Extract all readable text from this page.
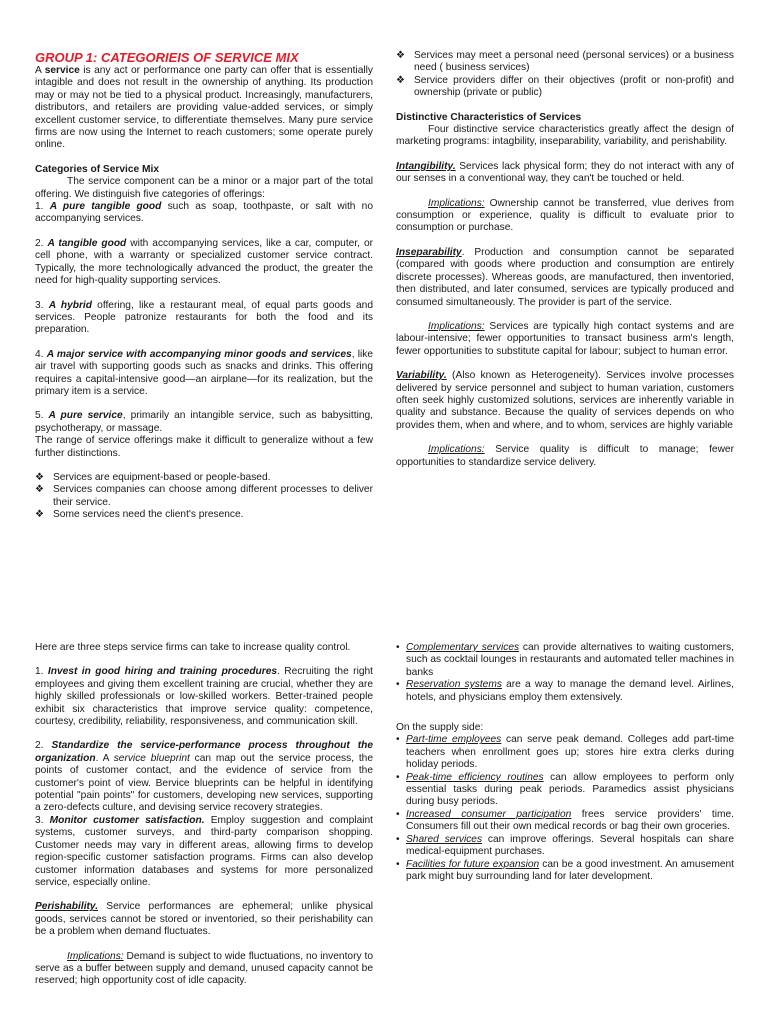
GROUP 1: CATEGORIEIS OF SERVICE MIX

A service is any act or performance one party can offer that is essentially intagible and does not result in the ownership of anything. Its production may or may not be tied to a physical product. Increasingly, manufacturers, distributors, and retailers are providing value-added services, or simply excellent customer service, to differentiate themselves. Many pure service firms are now using the Internet to reach customers; some operate purely online.

Categories of Service Mix

The service component can be a minor or a major part of the total offering. We distinguish five categories of offerings:

1. A pure tangible good such as soap, toothpaste, or salt with no accompanying services.

2. A tangible good with accompanying services, like a car, computer, or cell phone, with a warranty or specialized customer service contract. Typically, the more technologically advanced the product, the greater the need for high-quality supporting services.

3. A hybrid offering, like a restaurant meal, of equal parts goods and services. People patronize restaurants for both the food and its preparation.

4. A major service with accompanying minor goods and services, like air travel with supporting goods such as snacks and drinks. This offering requires a capital-intensive good—an airplane—for its realization, but the primary item is a service.

5. A pure service, primarily an intangible service, such as babysitting, psychotherapy, or massage.

The range of service offerings make it difficult to generalize without a few further distinctions.

❖ Services are equipment-based or people-based.
❖ Services companies can choose among different processes to deliver their service.
❖ Some services need the client's presence.
❖ Services may meet a personal need (personal services) or a business need ( business services)
❖ Service providers differ on their objectives (profit or non-profit) and ownership (private or public)

Distinctive Characteristics of Services

Four distinctive service characteristics greatly affect the design of marketing programs: intagbility, inseparability, variability, and perishability.

Intangibility. Services lack physical form; they do not interact with any of our senses in a conventional way, they can't be touched or held.

Implications: Ownership cannot be transferred, vlue derives from consumption or experience, quality is difficult to evaluate prior to consumption or purchase.

Inseparability. Production and consumption cannot be separated (compared with goods where production and consumption are entirely discrete processes). Whereas goods, are manufactured, then inventoried, then distributed, and later consumed, services are typically produced and consumed simultaneously. The provider is part of the service.

Implications: Services are typically high contact systems and are labour-intensive; fewer opportunities to transact business arm's length, fewer opportunities to substitute capital for labour; subject to human error.

Variability. (Also known as Heterogeneity). Services involve processes delivered by service personnel and subject to human variation, customers often seek highly customized solutions, services are inherently variable in quality and substance. Because the quality of services depends on who provides them, when and where, and to whom, services are highly variable

Implications: Service quality is difficult to manage; fewer opportunities to standardize service delivery.

Here are three steps service firms can take to increase quality control.

1. Invest in good hiring and training procedures. Recruiting the right employees and giving them excellent training are crucial, whether they are highly skilled professionals or low-skilled workers. Better-trained people exhibit six characteristics that improve service quality: competence, courtesy, credibility, reliability, responsiveness, and communication skill.

2. Standardize the service-performance process throughout the organization. A service blueprint can map out the service process, the points of customer contact, and the evidence of service from the customer's point of view. Bervice blueprints can be helpful in identifying potential "pain points" for customers, developing new services, supporting a zero-defects culture, and devising service recovery strategies.

3. Monitor customer satisfaction. Employ suggestion and complaint systems, customer surveys, and third-party comparison shopping. Customer needs may vary in different areas, allowing firms to develop region-specific customer satisfaction programs. Firms can also develop customer information databases and systems for more personalized service, especially online.

Perishability. Service performances are ephemeral; unlike physical goods, services cannot be stored or inventoried, so their perishability can be a problem when demand fluctuates.

Implications: Demand is subject to wide fluctuations, no inventory to serve as a buffer between supply and demand, unused capacity cannot be reserved; high opportunity cost of idle capacity.

• Complementary services can provide alternatives to waiting customers, such as cocktail lounges in restaurants and automated teller machines in banks
• Reservation systems are a way to manage the demand level. Airlines, hotels, and physicians employ them extensively.

On the supply side:

• Part-time employees can serve peak demand. Colleges add part-time teachers when enrollment goes up; stores hire extra clerks during holiday periods.
• Peak-time efficiency routines can allow employees to perform only essential tasks during peak periods. Paramedics assist physicians during busy periods.
• Increased consumer participation frees service providers' time. Consumers fill out their own medical records or bag their own groceries.
• Shared services can improve offerings. Several hospitals can share medical-equipment purchases.
• Facilities for future expansion can be a good investment. An amusement park might buy surrounding land for later development.
